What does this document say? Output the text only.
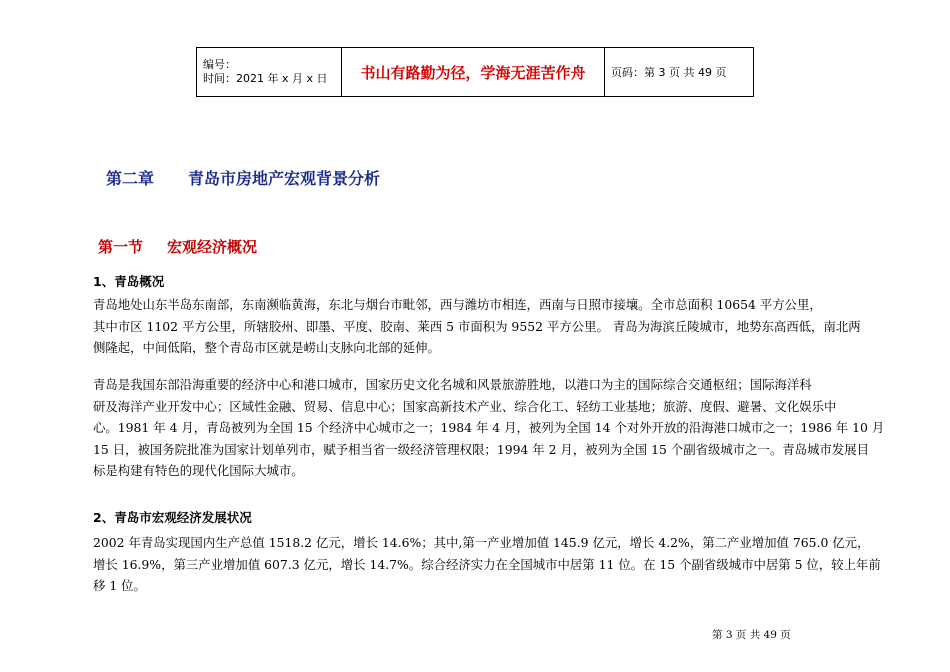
编号：
时间：2021 年 x 月 x 日	书山有路勤为径，学海无涯苦作舟	页码：第 3 页 共 49 页
第二章 青岛市房地产宏观背景分析
第一节 宏观经济概况
1、青岛概况
青岛地处山东半岛东南部，东南濒临黄海，东北与烟台市毗邻，西与潍坊市相连，西南与日照市接壤。全市总面积 10654 平方公里，
其中市区 1102 平方公里，所辖胶州、即墨、平度、胶南、莱西 5 市面积为 9552 平方公里。 青岛为海滨丘陵城市，地势东高西低，南北两
侧隆起，中间低陷，整个青岛市区就是崂山支脉向北部的延伸。
青岛是我国东部沿海重要的经济中心和港口城市，国家历史文化名城和风景旅游胜地，以港口为主的国际综合交通枢纽；国际海洋科
研及海洋产业开发中心；区域性金融、贸易、信息中心；国家高新技术产业、综合化工、轻纺工业基地；旅游、度假、避暑、文化娱乐中
心。1981 年 4 月，青岛被列为全国 15 个经济中心城市之一；1984 年 4 月，被列为全国 14 个对外开放的沿海港口城市之一；1986 年 10 月
15 日，被国务院批准为国家计划单列市，赋予相当省一级经济管理权限；1994 年 2 月，被列为全国 15 个副省级城市之一。青岛城市发展目
标是构建有特色的现代化国际大城市。
2、青岛市宏观经济发展状况
2002 年青岛实现国内生产总值 1518.2 亿元，增长 14.6%；其中,第一产业增加值 145.9 亿元，增长 4.2%，第二产业增加值 765.0 亿元，
增长 16.9%，第三产业增加值 607.3 亿元，增长 14.7%。综合经济实力在全国城市中居第 11 位。在 15 个副省级城市中居第 5 位，较上年前
移 1 位。
第 3 页 共 49 页
